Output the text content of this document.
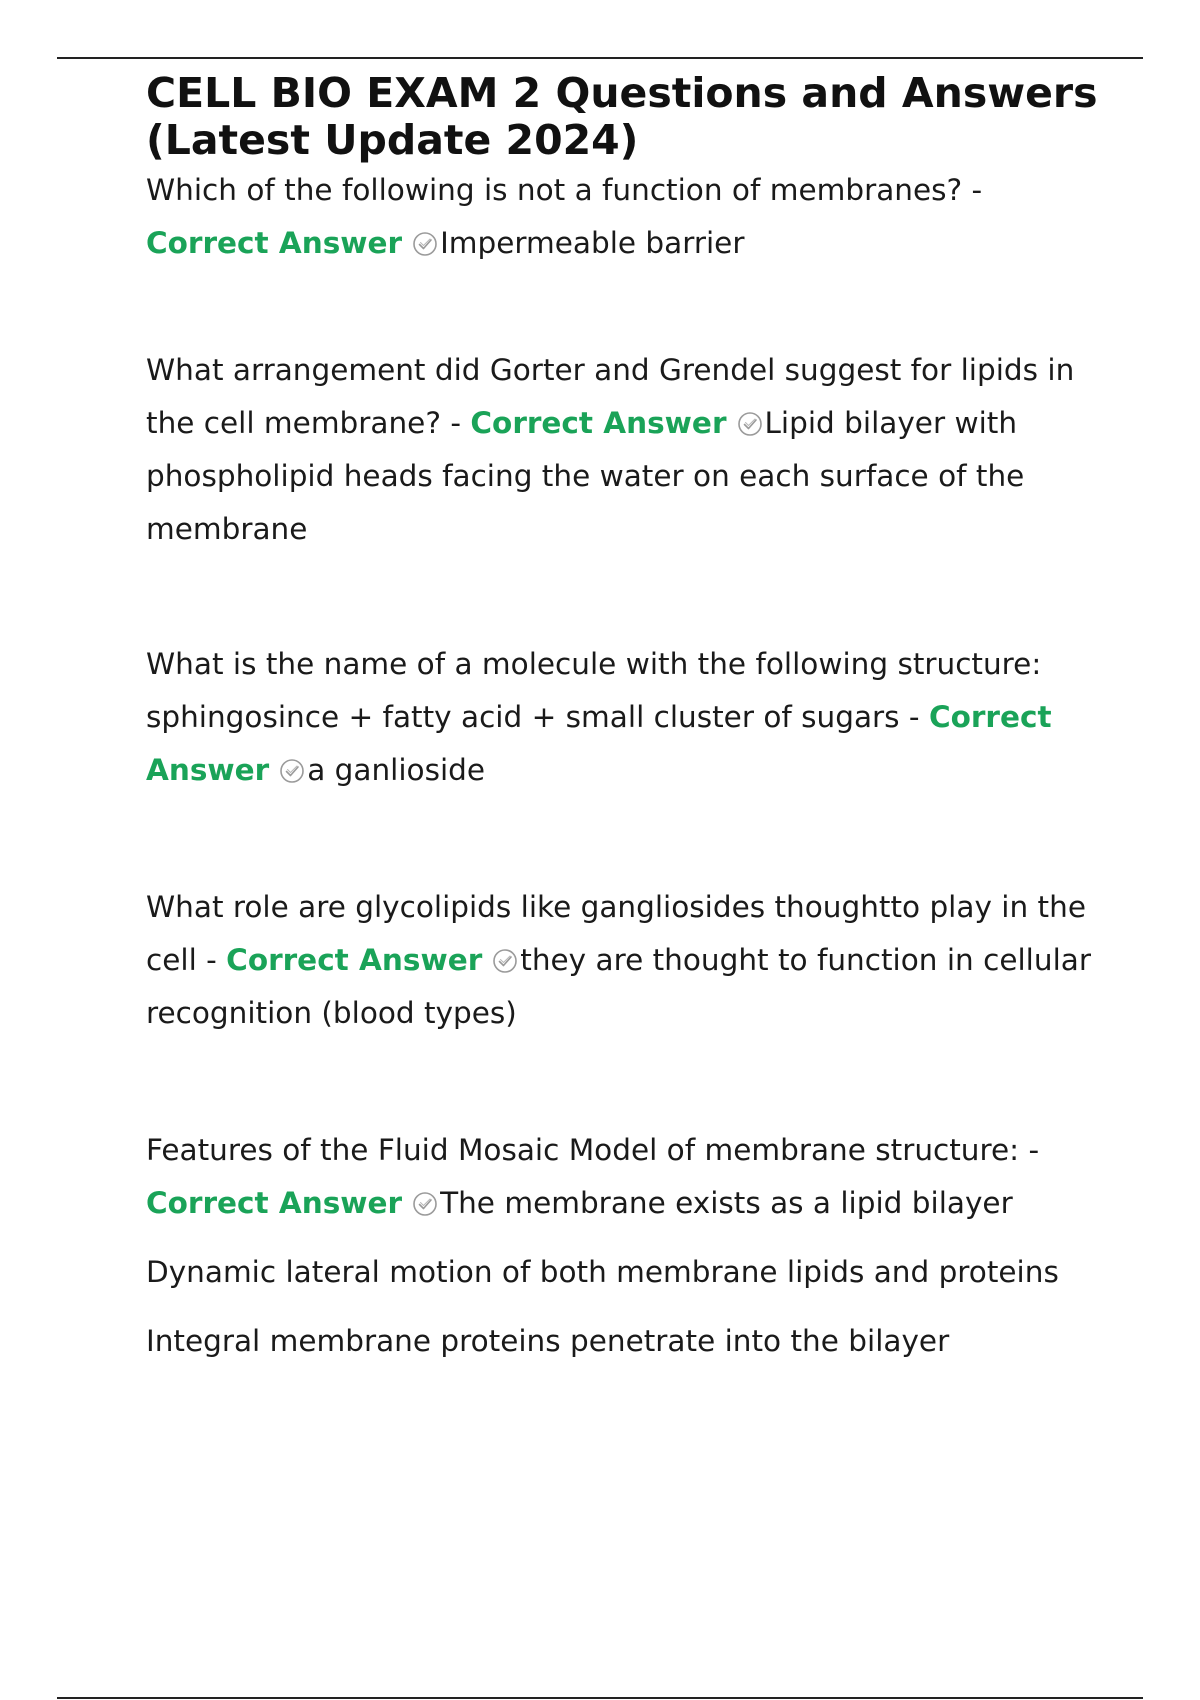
CELL BIO EXAM 2 Questions and Answers (Latest Update 2024)

Which of the following is not a function of membranes? - Correct Answer Impermeable barrier

What arrangement did Gorter and Grendel suggest for lipids in the cell membrane? - Correct Answer Lipid bilayer with phospholipid heads facing the water on each surface of the membrane

What is the name of a molecule with the following structure: sphingosince + fatty acid + small cluster of sugars - Correct Answer a ganlioside

What role are glycolipids like gangliosides thoughtto play in the cell - Correct Answer they are thought to function in cellular recognition (blood types)

Features of the Fluid Mosaic Model of membrane structure: - Correct Answer The membrane exists as a lipid bilayer

Dynamic lateral motion of both membrane lipids and proteins

Integral membrane proteins penetrate into the bilayer
